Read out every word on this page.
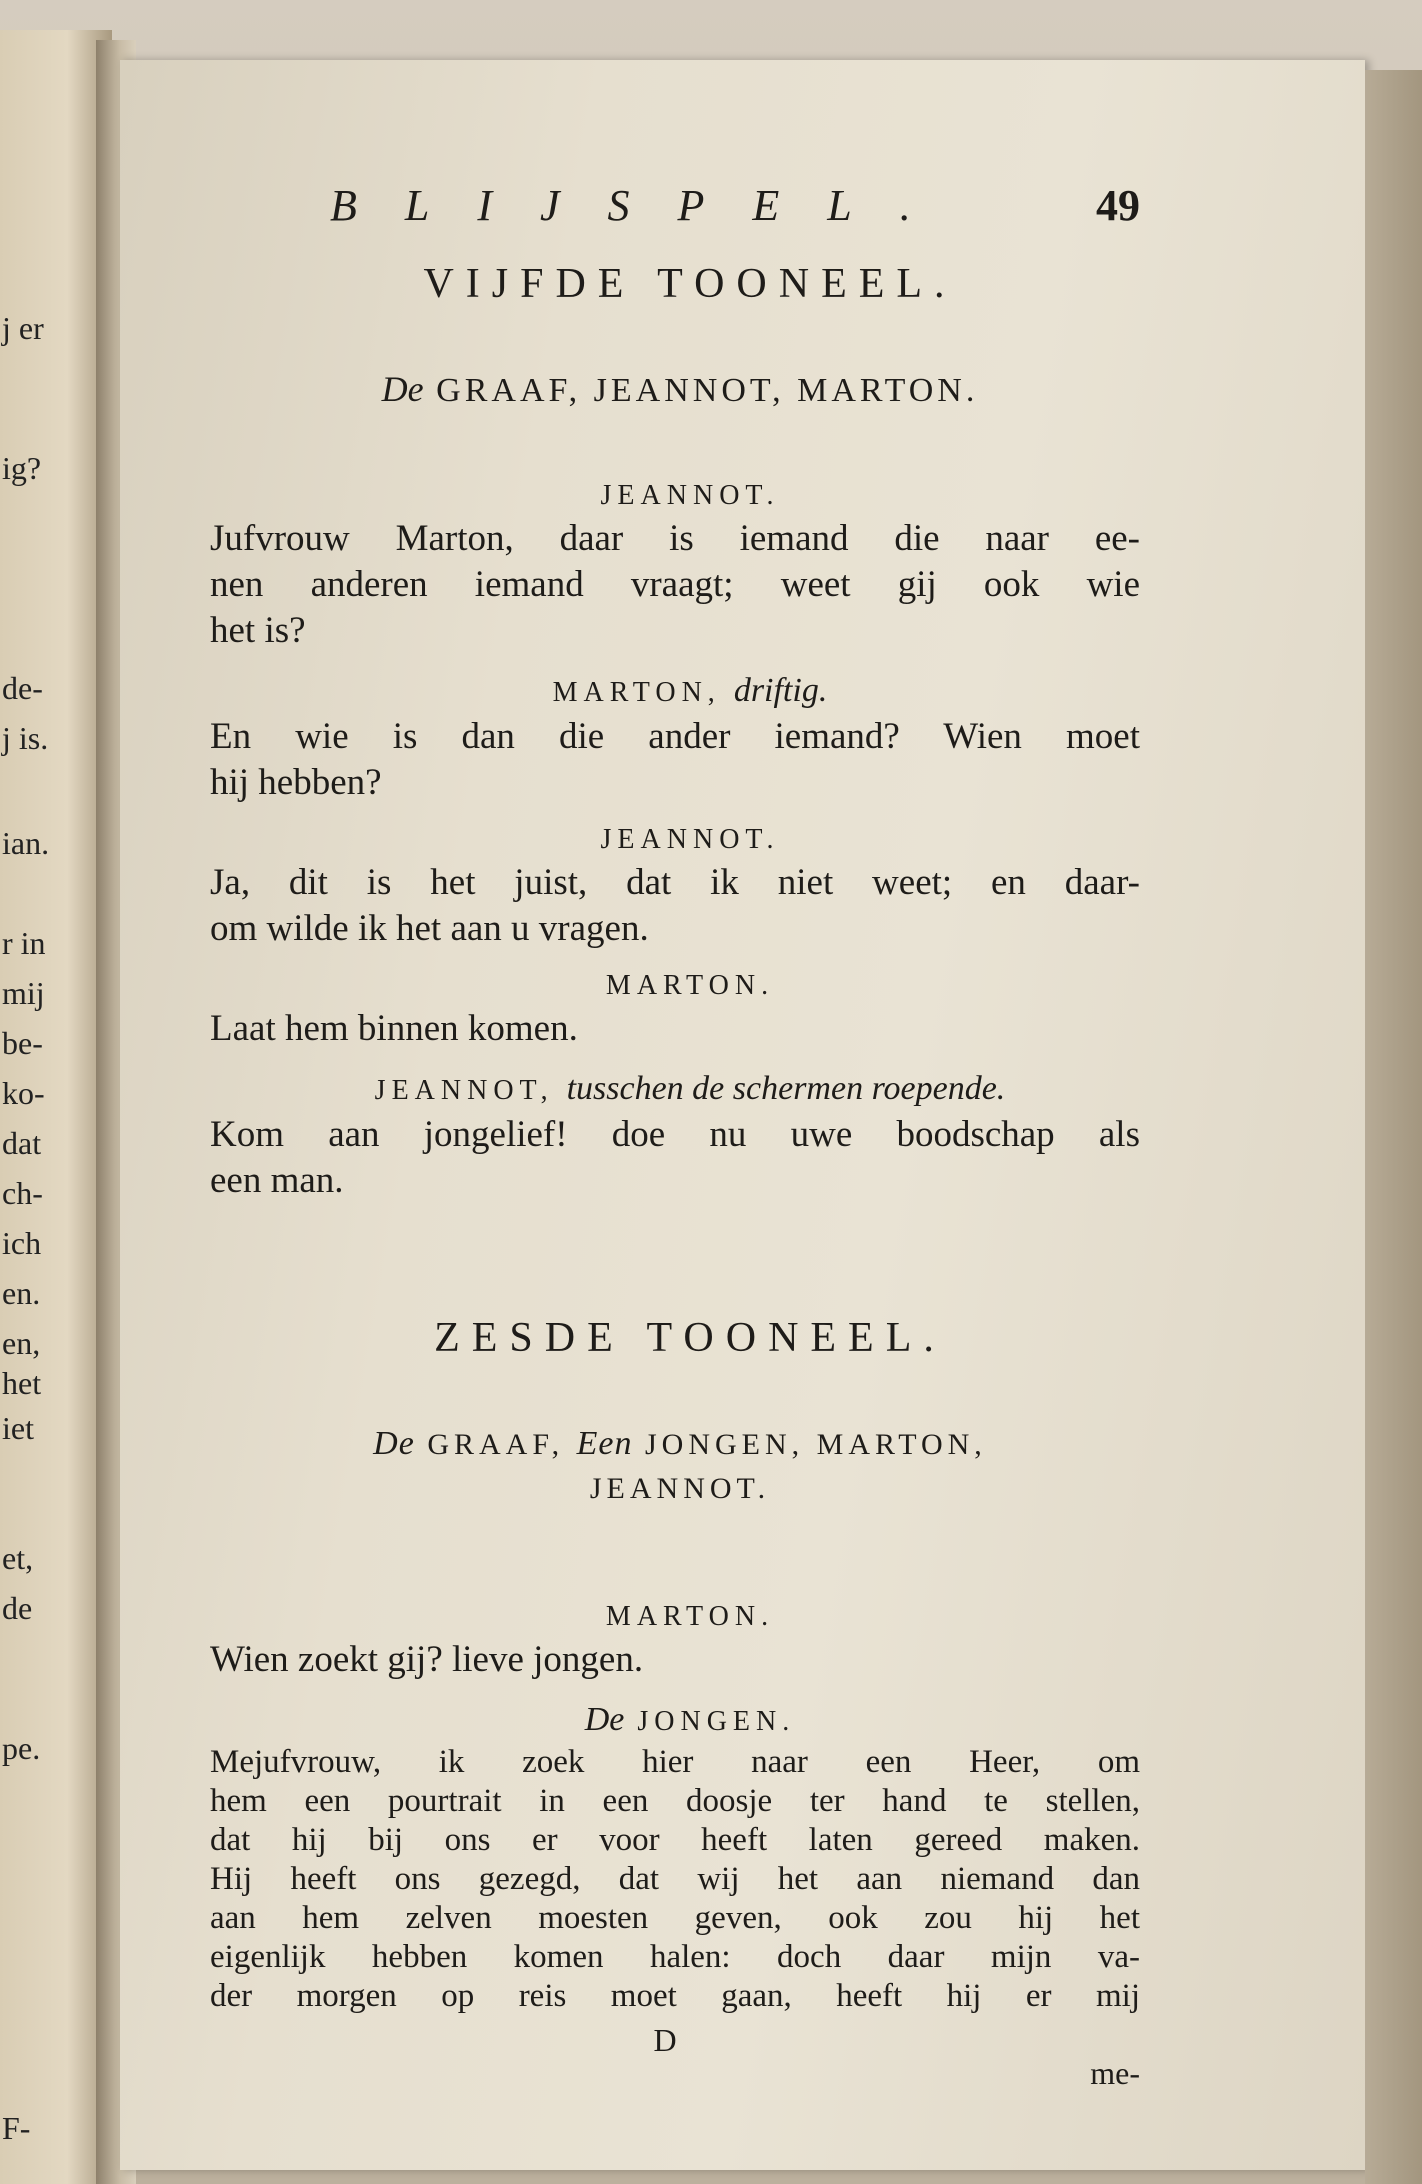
j er
ig?
de-
j is.
ian.
r in
mij
be-
ko-
dat
ch-
ich
en.
en,
het
iet
et,
de
pe.
F-
BLIJSPEL.	49
VIJFDE TOONEEL.
De GRAAF, JEANNOT, MARTON.
JEANNOT.
Jufvrouw Marton, daar is iemand die naar ee-
nen anderen iemand vraagt; weet gij ook wie
het is?
MARTON, driftig.
En wie is dan die ander iemand? Wien moet
hij hebben?
JEANNOT.
Ja, dit is het juist, dat ik niet weet; en daar-
om wilde ik het aan u vragen.
MARTON.
Laat hem binnen komen.
JEANNOT, tusschen de schermen roepende.
Kom aan jongelief! doe nu uwe boodschap als
een man.
ZESDE TOONEEL.
De GRAAF, Een JONGEN, MARTON,
JEANNOT.
MARTON.
Wien zoekt gij? lieve jongen.
De JONGEN.
Mejufvrouw, ik zoek hier naar een Heer, om
hem een pourtrait in een doosje ter hand te stellen,
dat hij bij ons er voor heeft laten gereed maken.
Hij heeft ons gezegd, dat wij het aan niemand dan
aan hem zelven moesten geven, ook zou hij het
eigenlijk hebben komen halen: doch daar mijn va-
der morgen op reis moet gaan, heeft hij er mij
D
me-
